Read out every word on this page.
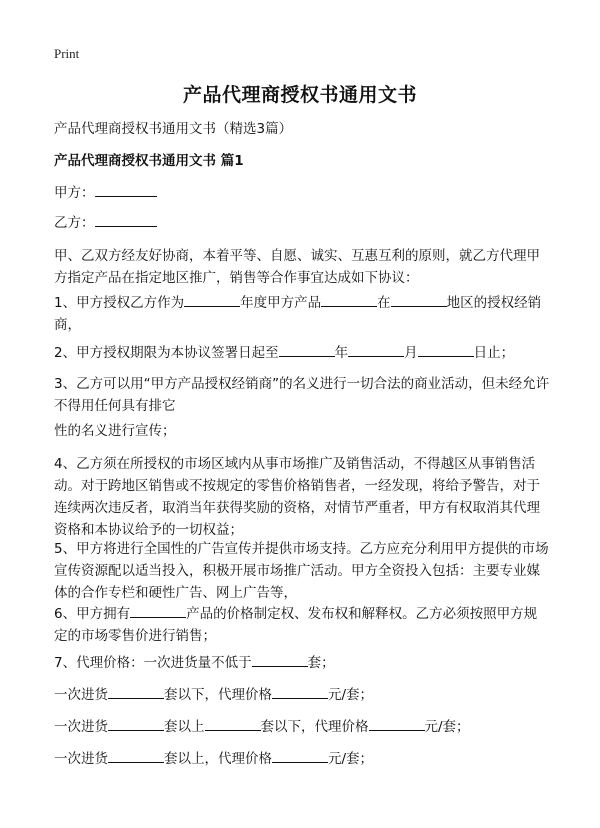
Print
产品代理商授权书通用文书
产品代理商授权书通用文书（精选3篇）
产品代理商授权书通用文书 篇1
甲方：
乙方：
甲、乙双方经友好协商，本着平等、自愿、诚实、互惠互利的原则，就乙方代理甲方指定产品在指定地区推广，销售等合作事宜达成如下协议：
1、甲方授权乙方作为	年度甲方产品	在	地区的授权经销商，
2、甲方授权期限为本协议签署日起至	年	月	日止；
3、乙方可以用“甲方产品授权经销商”的名义进行一切合法的商业活动，但未经允许不得用任何具有排它
性的名义进行宣传；
4、乙方须在所授权的市场区域内从事市场推广及销售活动，不得越区从事销售活动。对于跨地区销售或不按规定的零售价格销售者，一经发现，将给予警告，对于连续两次违反者，取消当年获得奖励的资格，对情节严重者，甲方有权取消其代理资格和本协议给予的一切权益；
5、甲方将进行全国性的广告宣传并提供市场支持。乙方应充分利用甲方提供的市场宣传资源配以适当投入，积极开展市场推广活动。甲方全资投入包括：主要专业媒体的合作专栏和硬性广告、网上广告等，
6、甲方拥有	产品的价格制定权、发布权和解释权。乙方必须按照甲方规定的市场零售价进行销售；
7、代理价格：一次进货量不低于	套；
一次进货	套以下，代理价格	元/套；
一次进货	套以上	套以下，代理价格	元/套；
一次进货	套以上，代理价格	元/套；
